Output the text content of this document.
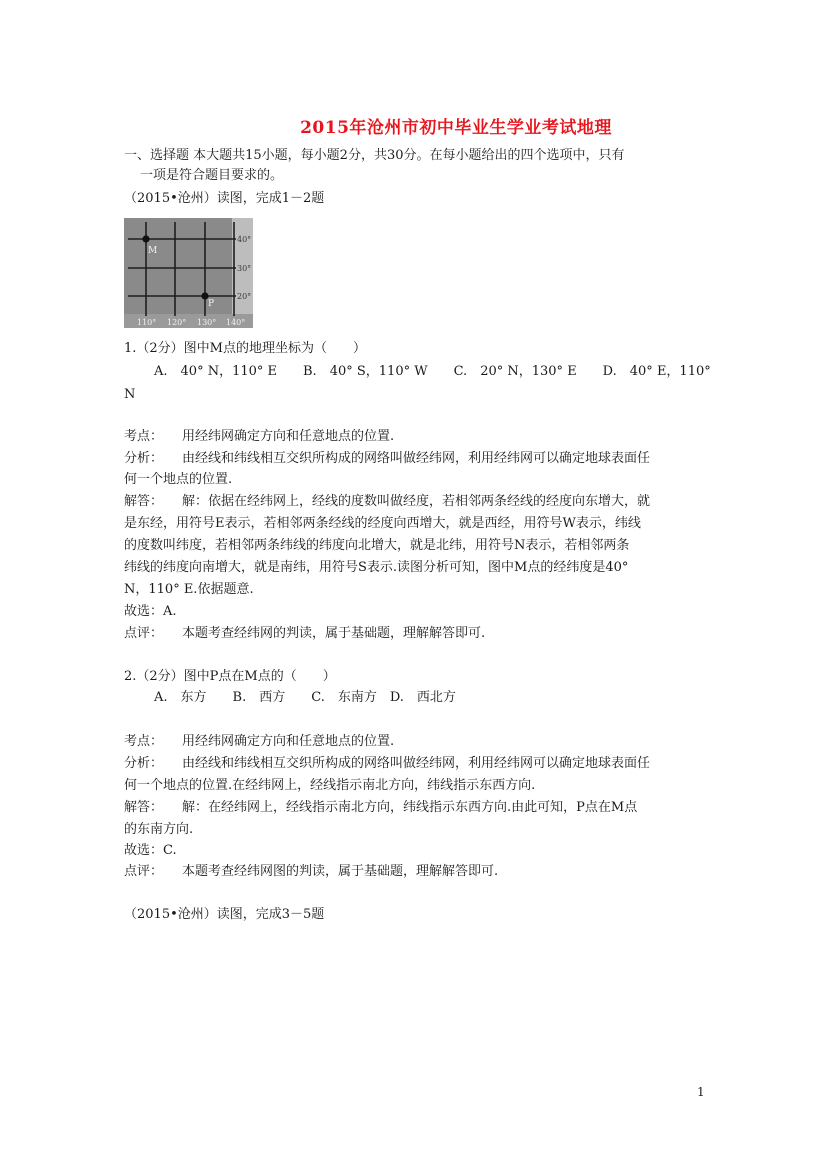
2015年沧州市初中毕业生学业考试地理
一、选择题 本大题共15小题，每小题2分，共30分。在每小题给出的四个选项中，只有
一项是符合题目要求的。
（2015•沧州）读图，完成1－2题
M
P
40°
30°
20°
110° 120° 130° 140°
1.（2分）图中M点的地理坐标为（　　）
A.　40° N，110° E　　B.　40° S，110° W　　C.　20° N，130° E　　D.　40° E，110°
N
考点： 用经纬网确定方向和任意地点的位置.
分析： 由经线和纬线相互交织所构成的网络叫做经纬网，利用经纬网可以确定地球表面任
何一个地点的位置.
解答： 解：依据在经纬网上，经线的度数叫做经度，若相邻两条经线的经度向东增大，就
是东经，用符号E表示，若相邻两条经线的经度向西增大，就是西经，用符号W表示，纬线
的度数叫纬度，若相邻两条纬线的纬度向北增大，就是北纬，用符号N表示，若相邻两条
纬线的纬度向南增大，就是南纬，用符号S表示.读图分析可知，图中M点的经纬度是40°
N，110° E.依据题意.
故选：A.
点评： 本题考查经纬网的判读，属于基础题，理解解答即可.
2.（2分）图中P点在M点的（　　）
A.　东方　　B.　西方　　C.　东南方　D.　西北方
考点： 用经纬网确定方向和任意地点的位置.
分析： 由经线和纬线相互交织所构成的网络叫做经纬网，利用经纬网可以确定地球表面任
何一个地点的位置.在经纬网上，经线指示南北方向，纬线指示东西方向.
解答： 解：在经纬网上，经线指示南北方向，纬线指示东西方向.由此可知，P点在M点
的东南方向.
故选：C.
点评： 本题考查经纬网图的判读，属于基础题，理解解答即可.
（2015•沧州）读图，完成3－5题
1
